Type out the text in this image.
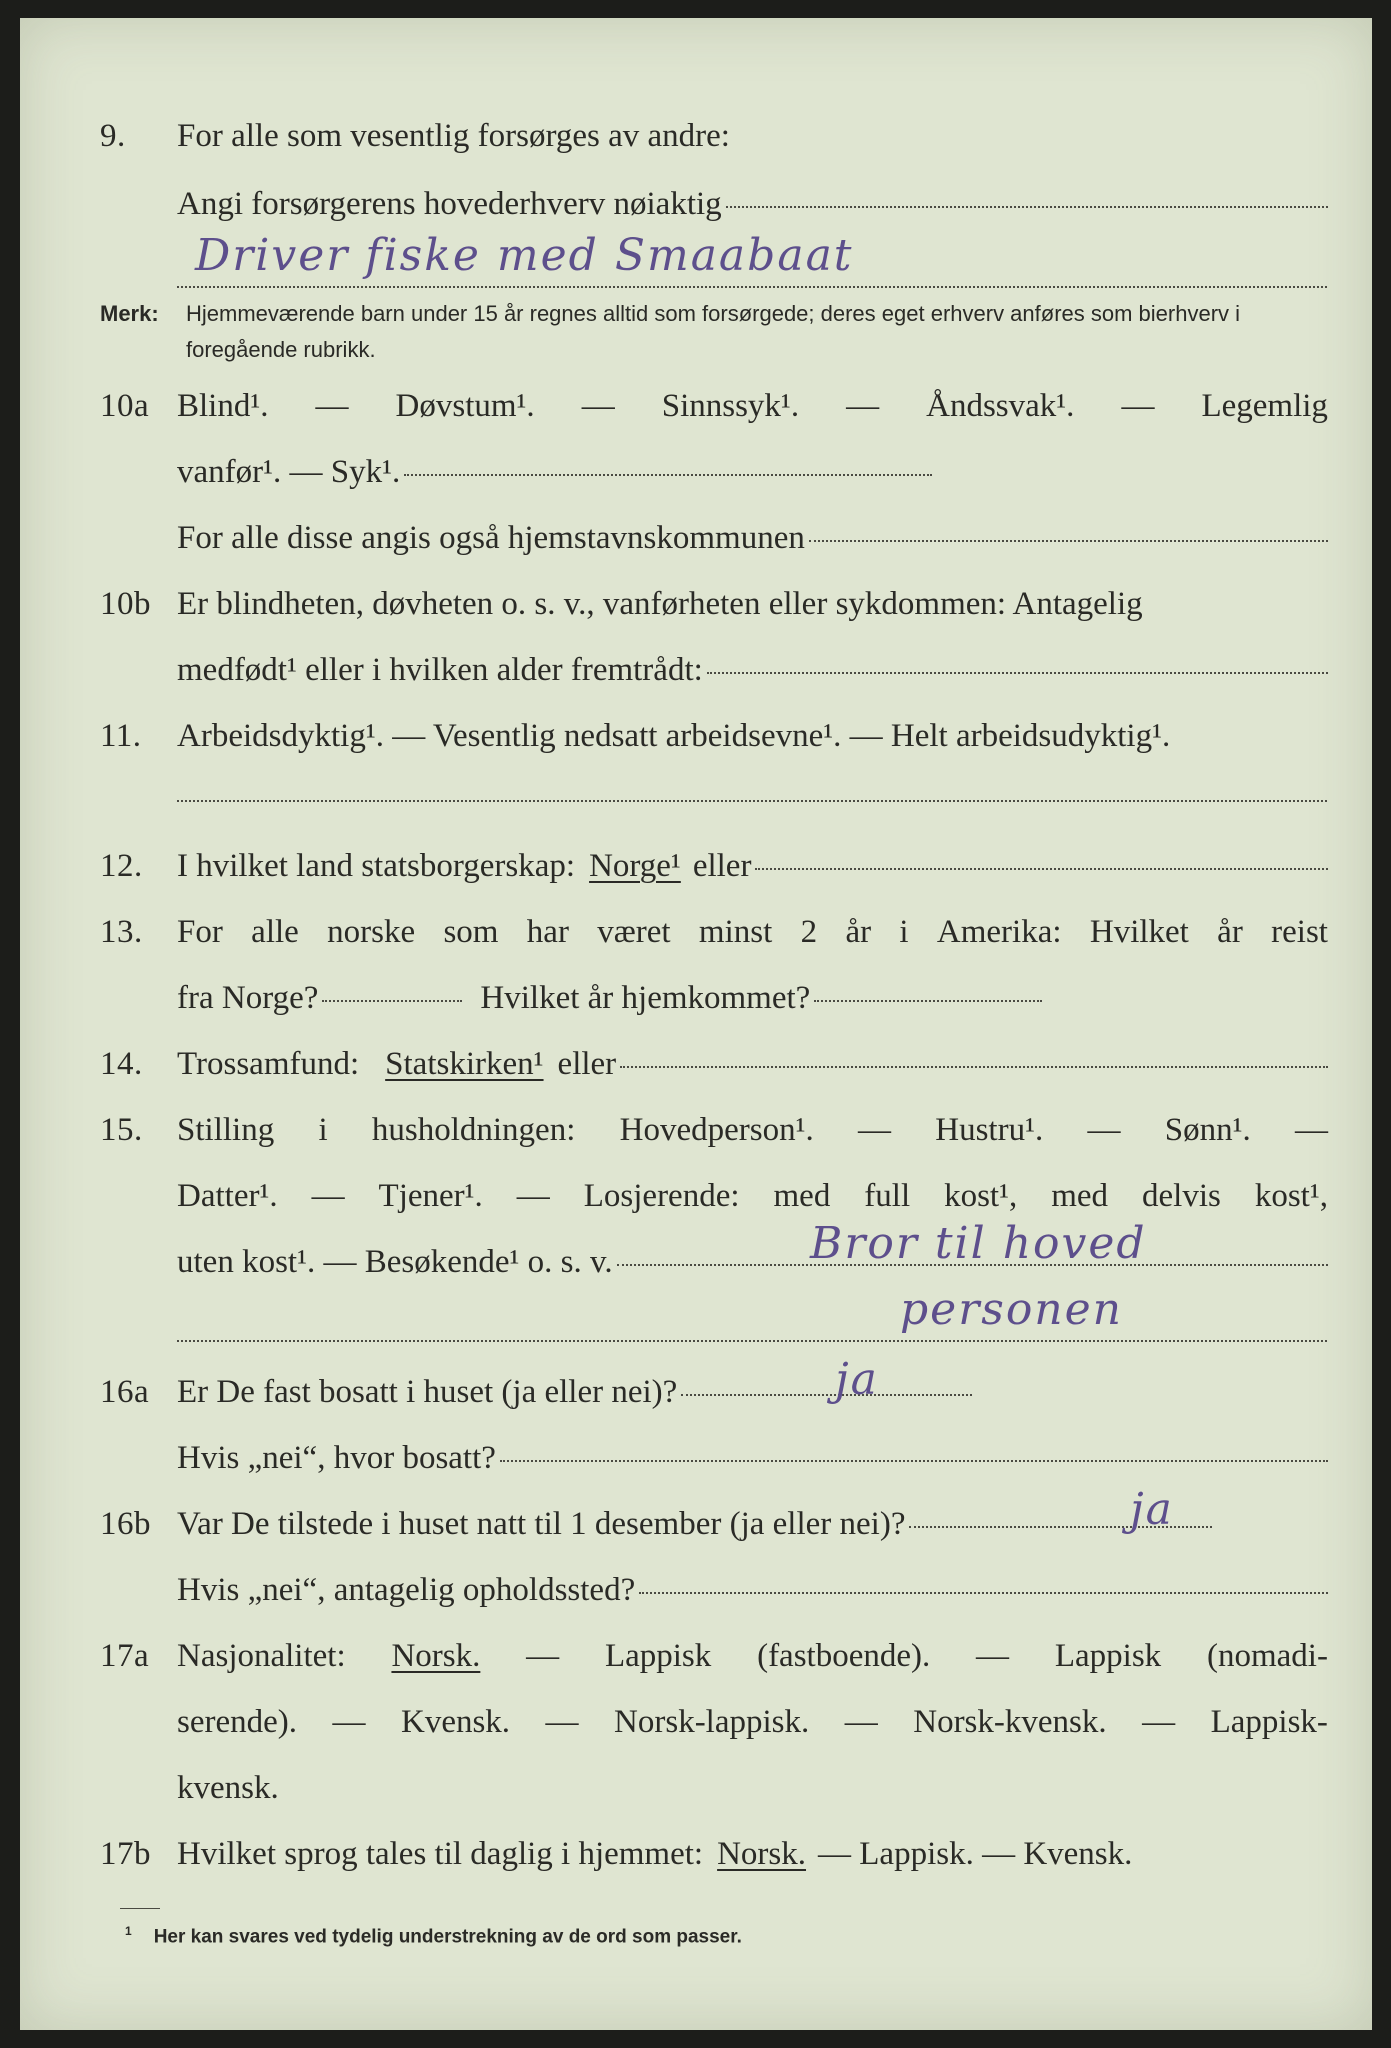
9. For alle som vesentlig forsørges av andre:
Angi forsørgerens hovederhverv nøiaktig
Driver fiske med Smaabaat
Merk: Hjemmeværende barn under 15 år regnes alltid som forsørgede; deres eget erhverv anføres som bierhverv i foregående rubrikk.
10a Blind¹. — Døvstum¹. — Sinnssyk¹. — Åndssvak¹. — Legemlig
vanfør¹. — Syk¹.
For alle disse angis også hjemstavnskommunen
10b Er blindheten, døvheten o. s. v., vanførheten eller sykdommen: Antagelig
medfødt¹ eller i hvilken alder fremtrådt:
11. Arbeidsdyktig¹. — Vesentlig nedsatt arbeidsevne¹. — Helt arbeidsudyktig¹.
12. I hvilket land statsborgerskap: Norge¹ eller
13. For alle norske som har været minst 2 år i Amerika: Hvilket år reist
fra Norge?	Hvilket år hjemkommet?
14. Trossamfund: Statskirken¹ eller
15. Stilling i husholdningen: Hovedperson¹. — Hustru¹. — Sønn¹. —
Datter¹. — Tjener¹. — Losjerende: med full kost¹, med delvis kost¹,
uten kost¹. — Besøkende¹ o. s. v.	Bror til hoved
personen
16a Er De fast bosatt i huset (ja eller nei)?	ja
Hvis „nei“, hvor bosatt?
16b Var De tilstede i huset natt til 1 desember (ja eller nei)?	ja
Hvis „nei“, antagelig opholdssted?
17a Nasjonalitet: Norsk. — Lappisk (fastboende). — Lappisk (nomadi-
serende). — Kvensk. — Norsk-lappisk. — Norsk-kvensk. — Lappisk-
kvensk.
17b Hvilket sprog tales til daglig i hjemmet: Norsk. — Lappisk. — Kvensk.
$^1$ Her kan svares ved tydelig understrekning av de ord som passer.
